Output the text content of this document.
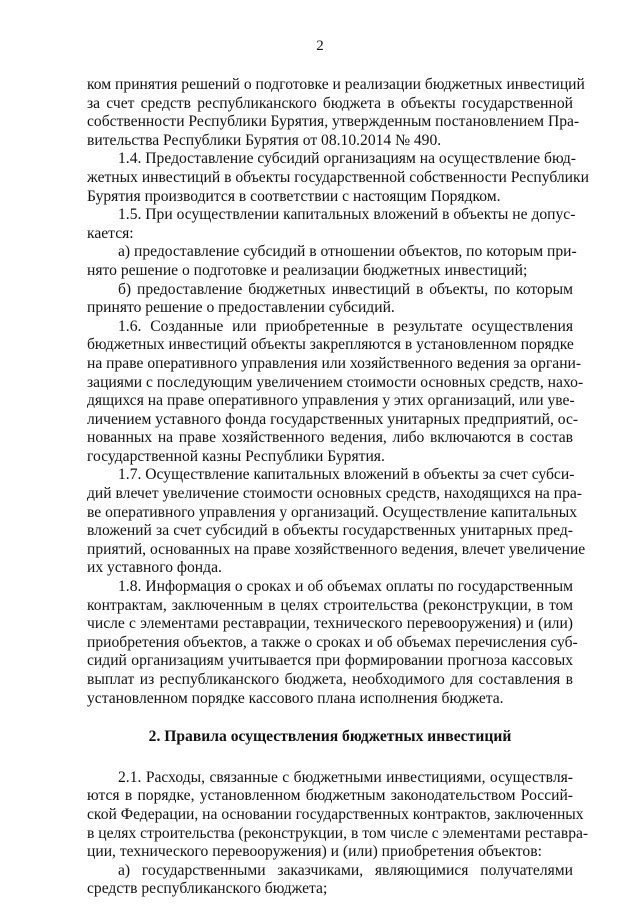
2
ком принятия решений о подготовке и реализации бюджетных инвестиций
за счет средств республиканского бюджета в объекты государственной
собственности Республики Бурятия, утвержденным постановлением Пра-
вительства Республики Бурятия от 08.10.2014 № 490.
1.4. Предоставление субсидий организациям на осуществление бюд-
жетных инвестиций в объекты государственной собственности Республики
Бурятия производится в соответствии с настоящим Порядком.
1.5. При осуществлении капитальных вложений в объекты не допус-
кается:
а) предоставление субсидий в отношении объектов, по которым при-
нято решение о подготовке и реализации бюджетных инвестиций;
б) предоставление бюджетных инвестиций в объекты, по которым
принято решение о предоставлении субсидий.
1.6. Созданные или приобретенные в результате осуществления
бюджетных инвестиций объекты закрепляются в установленном порядке
на праве оперативного управления или хозяйственного ведения за органи-
зациями с последующим увеличением стоимости основных средств, нахо-
дящихся на праве оперативного управления у этих организаций, или уве-
личением уставного фонда государственных унитарных предприятий, ос-
нованных на праве хозяйственного ведения, либо включаются в состав
государственной казны Республики Бурятия.
1.7. Осуществление капитальных вложений в объекты за счет субси-
дий влечет увеличение стоимости основных средств, находящихся на пра-
ве оперативного управления у организаций. Осуществление капитальных
вложений за счет субсидий в объекты государственных унитарных пред-
приятий, основанных на праве хозяйственного ведения, влечет увеличение
их уставного фонда.
1.8. Информация о сроках и об объемах оплаты по государственным
контрактам, заключенным в целях строительства (реконструкции, в том
числе с элементами реставрации, технического перевооружения) и (или)
приобретения объектов, а также о сроках и об объемах перечисления суб-
сидий организациям учитывается при формировании прогноза кассовых
выплат из республиканского бюджета, необходимого для составления в
установленном порядке кассового плана исполнения бюджета.
2. Правила осуществления бюджетных инвестиций
2.1. Расходы, связанные с бюджетными инвестициями, осуществля-
ются в порядке, установленном бюджетным законодательством Россий-
ской Федерации, на основании государственных контрактов, заключенных
в целях строительства (реконструкции, в том числе с элементами реставра-
ции, технического перевооружения) и (или) приобретения объектов:
а) государственными заказчиками, являющимися получателями
средств республиканского бюджета;
